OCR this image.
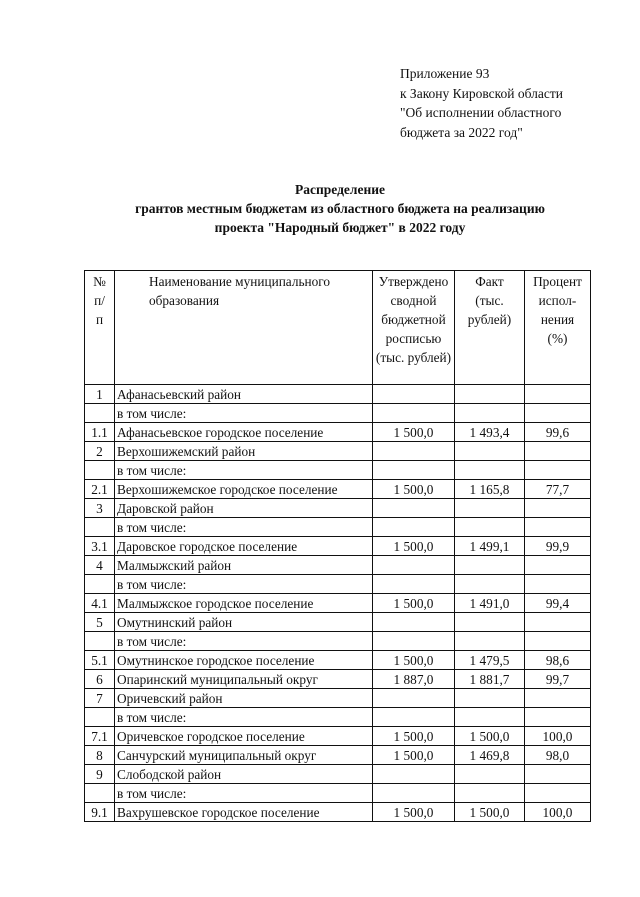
Приложение 93
к Закону Кировской области
"Об исполнении областного
бюджета за 2022 год"
Распределение
грантов местным бюджетам из областного бюджета на реализацию
проекта "Народный бюджет" в 2022 году
№ п/п	Наименование муниципального образования	Утверждено сводной бюджетной росписью (тыс. рублей)	Факт (тыс. рублей)	Процент испол-нения (%)
1	Афанасьевский район			
	в том числе:			
1.1	Афанасьевское городское поселение	1 500,0	1 493,4	99,6
2	Верхошижемский район			
	в том числе:			
2.1	Верхошижемское городское поселение	1 500,0	1 165,8	77,7
3	Даровской район			
	в том числе:			
3.1	Даровское городское поселение	1 500,0	1 499,1	99,9
4	Малмыжский район			
	в том числе:			
4.1	Малмыжское городское поселение	1 500,0	1 491,0	99,4
5	Омутнинский район			
	в том числе:			
5.1	Омутнинское городское поселение	1 500,0	1 479,5	98,6
6	Опаринский муниципальный округ	1 887,0	1 881,7	99,7
7	Оричевский район			
	в том числе:			
7.1	Оричевское городское поселение	1 500,0	1 500,0	100,0
8	Санчурский муниципальный округ	1 500,0	1 469,8	98,0
9	Слободской район			
	в том числе:			
9.1	Вахрушевское городское поселение	1 500,0	1 500,0	100,0
